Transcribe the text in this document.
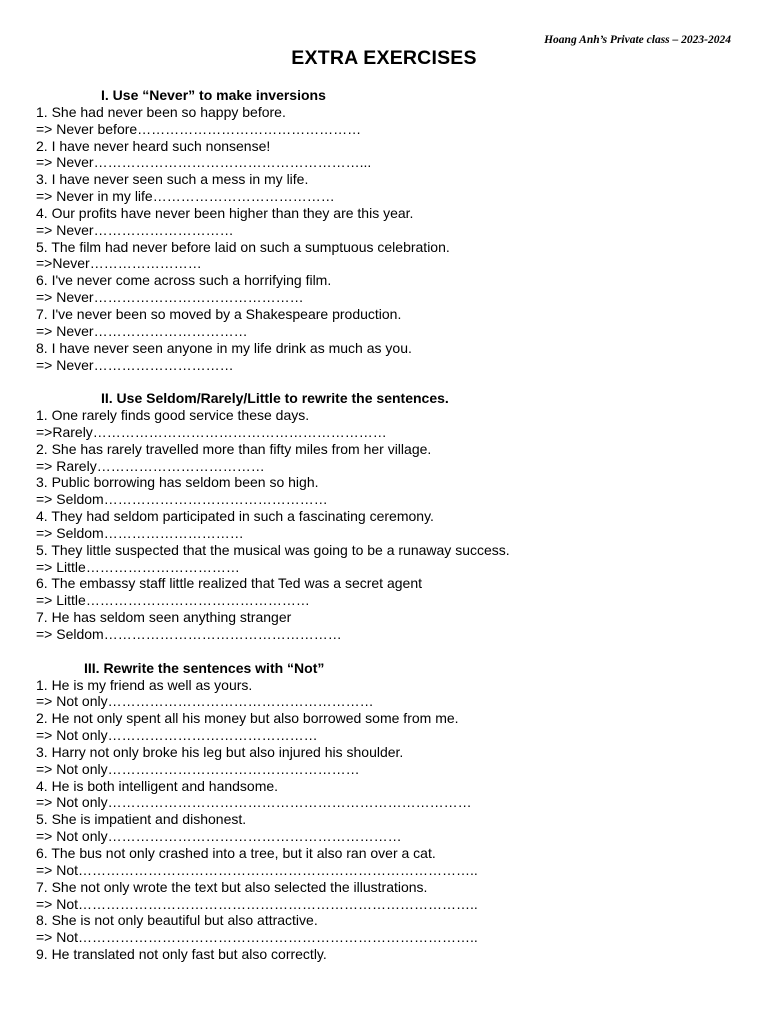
Hoang Anh’s Private class – 2023-2024
EXTRA EXERCISES
I. Use “Never” to make inversions
1. She had never been so happy before.
=> Never before…………………………………………
2. I have never heard such nonsense!
=> Never…………………………………………………...
3. I have never seen such a mess in my life.
=> Never in my life…………………………………
4. Our profits have never been higher than they are this year.
=> Never…………………………
5. The film had never before laid on such a sumptuous celebration.
=>Never……………………
6. I've never come across such a horrifying film.
=> Never………………………………………
7. I've never been so moved by a Shakespeare production.
=> Never……………………………
8. I have never seen anyone in my life drink as much as you.
=> Never…………………………
II. Use Seldom/Rarely/Little to rewrite the sentences.
1. One rarely finds good service these days.
=>Rarely………………………………………………………
2. She has rarely travelled more than fifty miles from her village.
=> Rarely………………………………
3. Public borrowing has seldom been so high.
=> Seldom…………………………………………
4. They had seldom participated in such a fascinating ceremony.
=> Seldom…………………………
5. They little suspected that the musical was going to be a runaway success.
=> Little……………………………
6. The embassy staff little realized that Ted was a secret agent
=> Little…………………………………………
7. He has seldom seen anything stranger
=> Seldom……………………………………………
III. Rewrite the sentences with “Not”
1. He is my friend as well as yours.
=> Not only…………………………………………………
2. He not only spent all his money but also borrowed some from me.
=> Not only………………………………………
3. Harry not only broke his leg but also injured his shoulder.
=> Not only………………………………………………
4. He is both intelligent and handsome.
=> Not only……………………………………………………………………
5. She is impatient and dishonest.
=> Not only………………………………………………………
6. The bus not only crashed into a tree, but it also ran over a cat.
=> Not…………………………………………………………………………..
7. She not only wrote the text but also selected the illustrations.
=> Not…………………………………………………………………………..
8. She is not only beautiful but also attractive.
=> Not…………………………………………………………………………..
9. He translated not only fast but also correctly.
